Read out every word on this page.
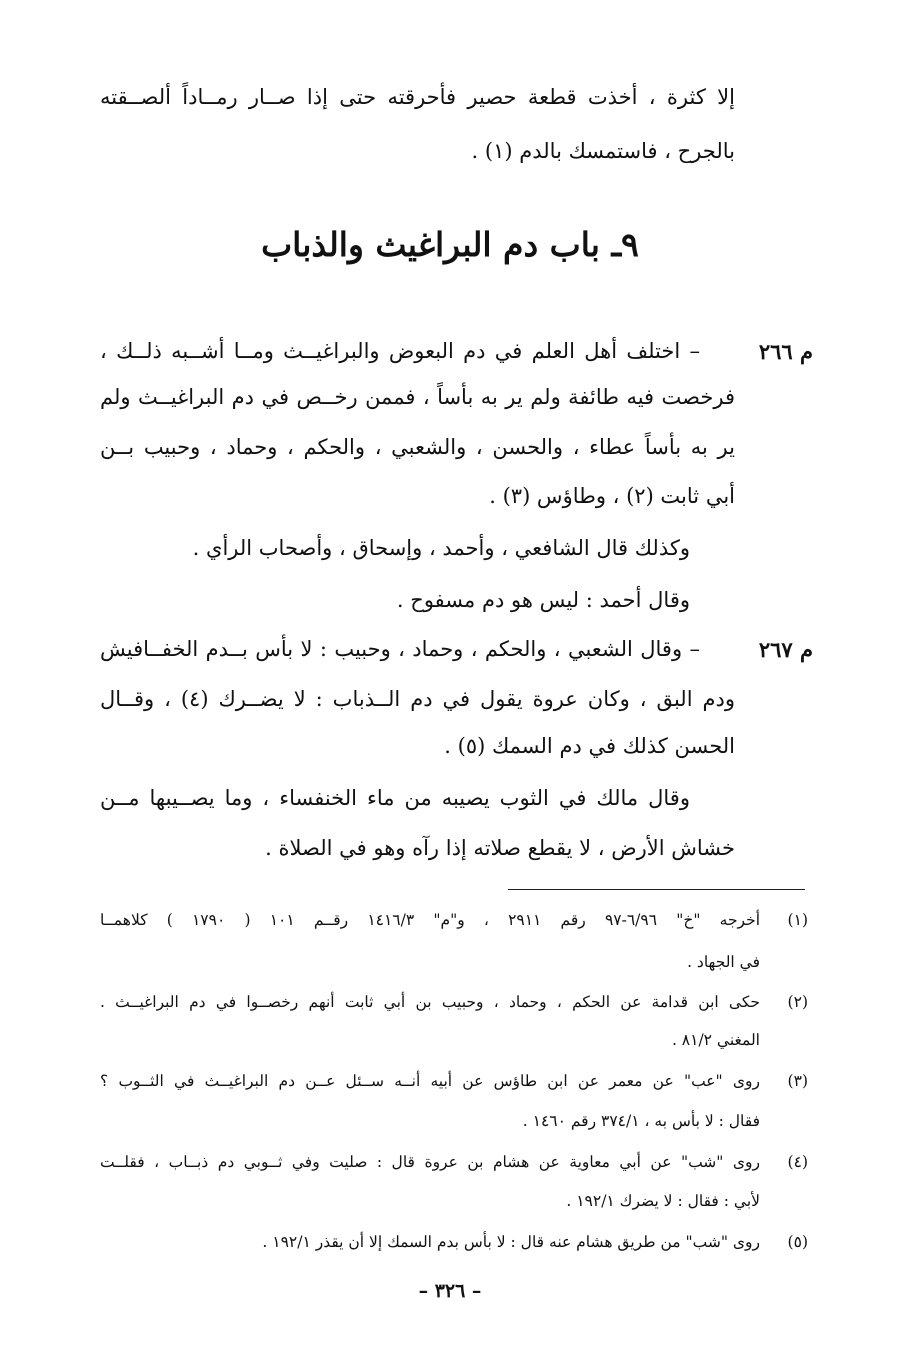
إلا كثرة ، أخذت قطعة حصير فأحرقته حتى إذا صــار رمــاداً ألصــقته
بالجرح ، فاستمسك بالدم (١) .
٩ـ باب دم البراغيث والذباب
م ٢٦٦
– اختلف أهل العلم في دم البعوض والبراغيــث ومــا أشــبه ذلــك ،
فرخصت فيه طائفة ولم ير به بأساً ، فممن رخــص في دم البراغيــث ولم
ير به بأساً عطاء ، والحسن ، والشعبي ، والحكم ، وحماد ، وحبيب بــن
أبي ثابت (٢) ، وطاؤس (٣) .
وكذلك قال الشافعي ، وأحمد ، وإسحاق ، وأصحاب الرأي .
وقال أحمد : ليس هو دم مسفوح .
م ٢٦٧
– وقال الشعبي ، والحكم ، وحماد ، وحبيب : لا بأس بــدم الخفــافيش
ودم البق ، وكان عروة يقول في دم الــذباب : لا يضــرك (٤) ، وقــال
الحسن كذلك في دم السمك (٥) .
وقال مالك في الثوب يصيبه من ماء الخنفساء ، وما يصــيبها مــن
خشاش الأرض ، لا يقطع صلاته إذا رآه وهو في الصلاة .
(١)
أخرجه "خ" ٦/٩٦-٩٧ رقم ٢٩١١ ، و"م" ١٤١٦/٣ رقــم ١٠١ ( ١٧٩٠ ) كلاهمــا
في الجهاد .
(٢)
حكى ابن قدامة عن الحكم ، وحماد ، وحبيب بن أبي ثابت أنهم رخصــوا في دم البراغيــث .
المغني ٨١/٢ .
(٣)
روى "عب" عن معمر عن ابن طاؤس عن أبيه أنــه ســئل عــن دم البراغيــث في الثــوب ؟
فقال : لا بأس به ، ٣٧٤/١ رقم ١٤٦٠ .
(٤)
روى "شب" عن أبي معاوية عن هشام بن عروة قال : صليت وفي ثــوبي دم ذبــاب ، فقلــت
لأبي : فقال : لا يضرك ١٩٢/١ .
(٥)
روى "شب" من طريق هشام عنه قال : لا بأس بدم السمك إلا أن يقذر ١٩٢/١ .
– ٣٢٦ –
